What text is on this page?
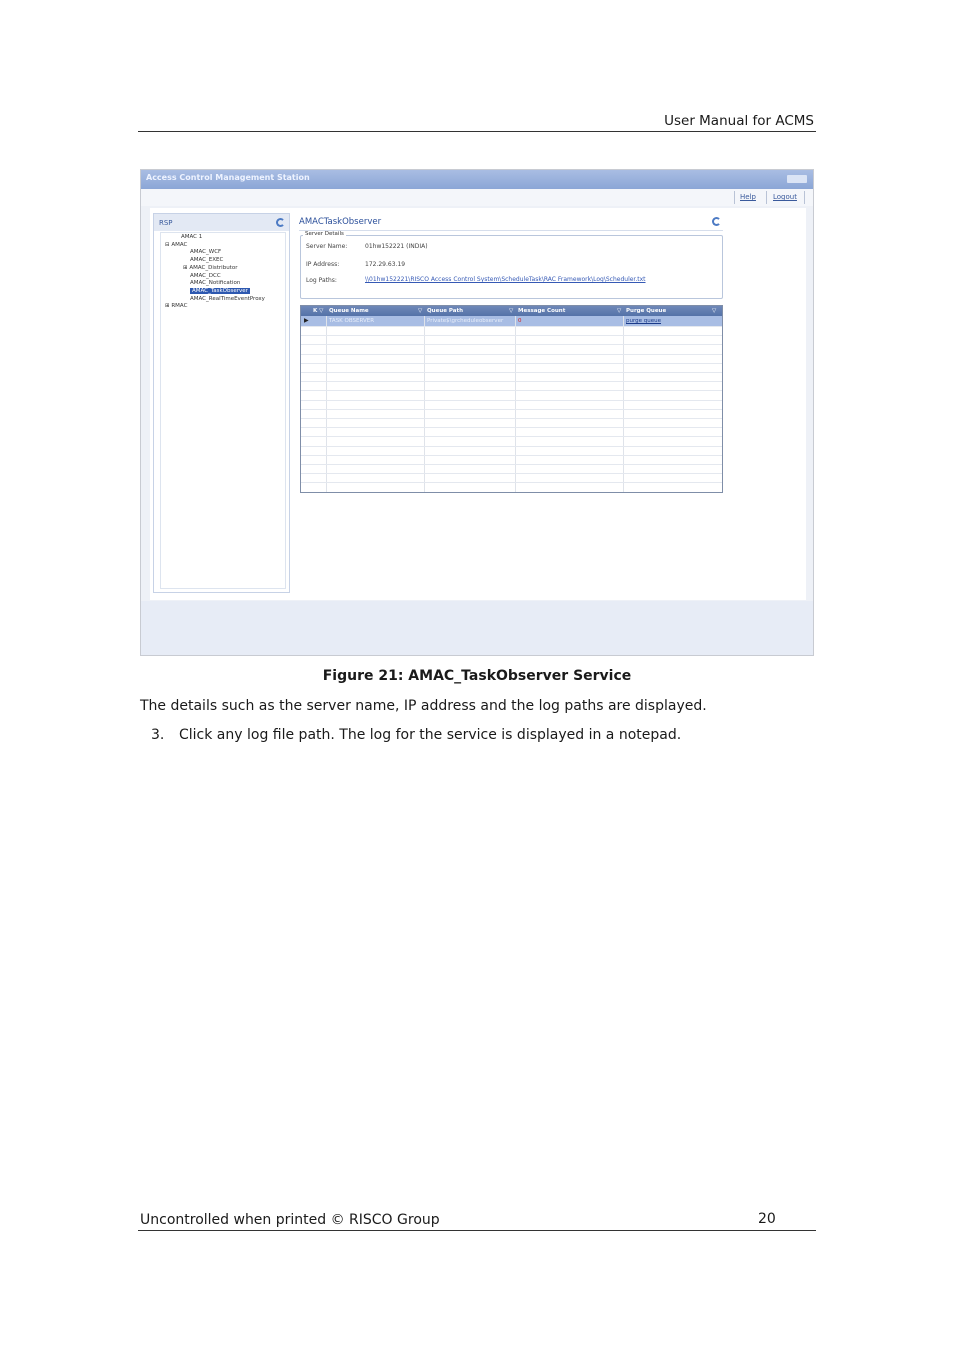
User Manual for ACMS
Access Control Management Station
Help Logout
RSP
AMAC 1
⊟ AMAC
AMAC_WCF
AMAC_EXEC
⊞ AMAC_Distributor
AMAC_DCC
AMAC_Notification
AMAC_TaskObserver
AMAC_RealTimeEventProxy
⊞ RMAC
AMACTaskObserver
Server Details
Server Name:	01hw152221 (INDIA)
IP Address:	172.29.63.19
Log Paths:	\\01hw152221\RISCO Access Control System\ScheduleTask\RAC Framework\Log\Scheduler.txt
K ▽ Queue Name	▽ Queue Path	▽ Message Count	▽ Purge Queue	▽
▶	TASK OBSERVER	Private$\grcheduleobserver	0	purge queue
Figure 21: AMAC_TaskObserver Service
The details such as the server name, IP address and the log paths are displayed.
3. Click any log file path. The log for the service is displayed in a notepad.
Uncontrolled when printed © RISCO Group	20
